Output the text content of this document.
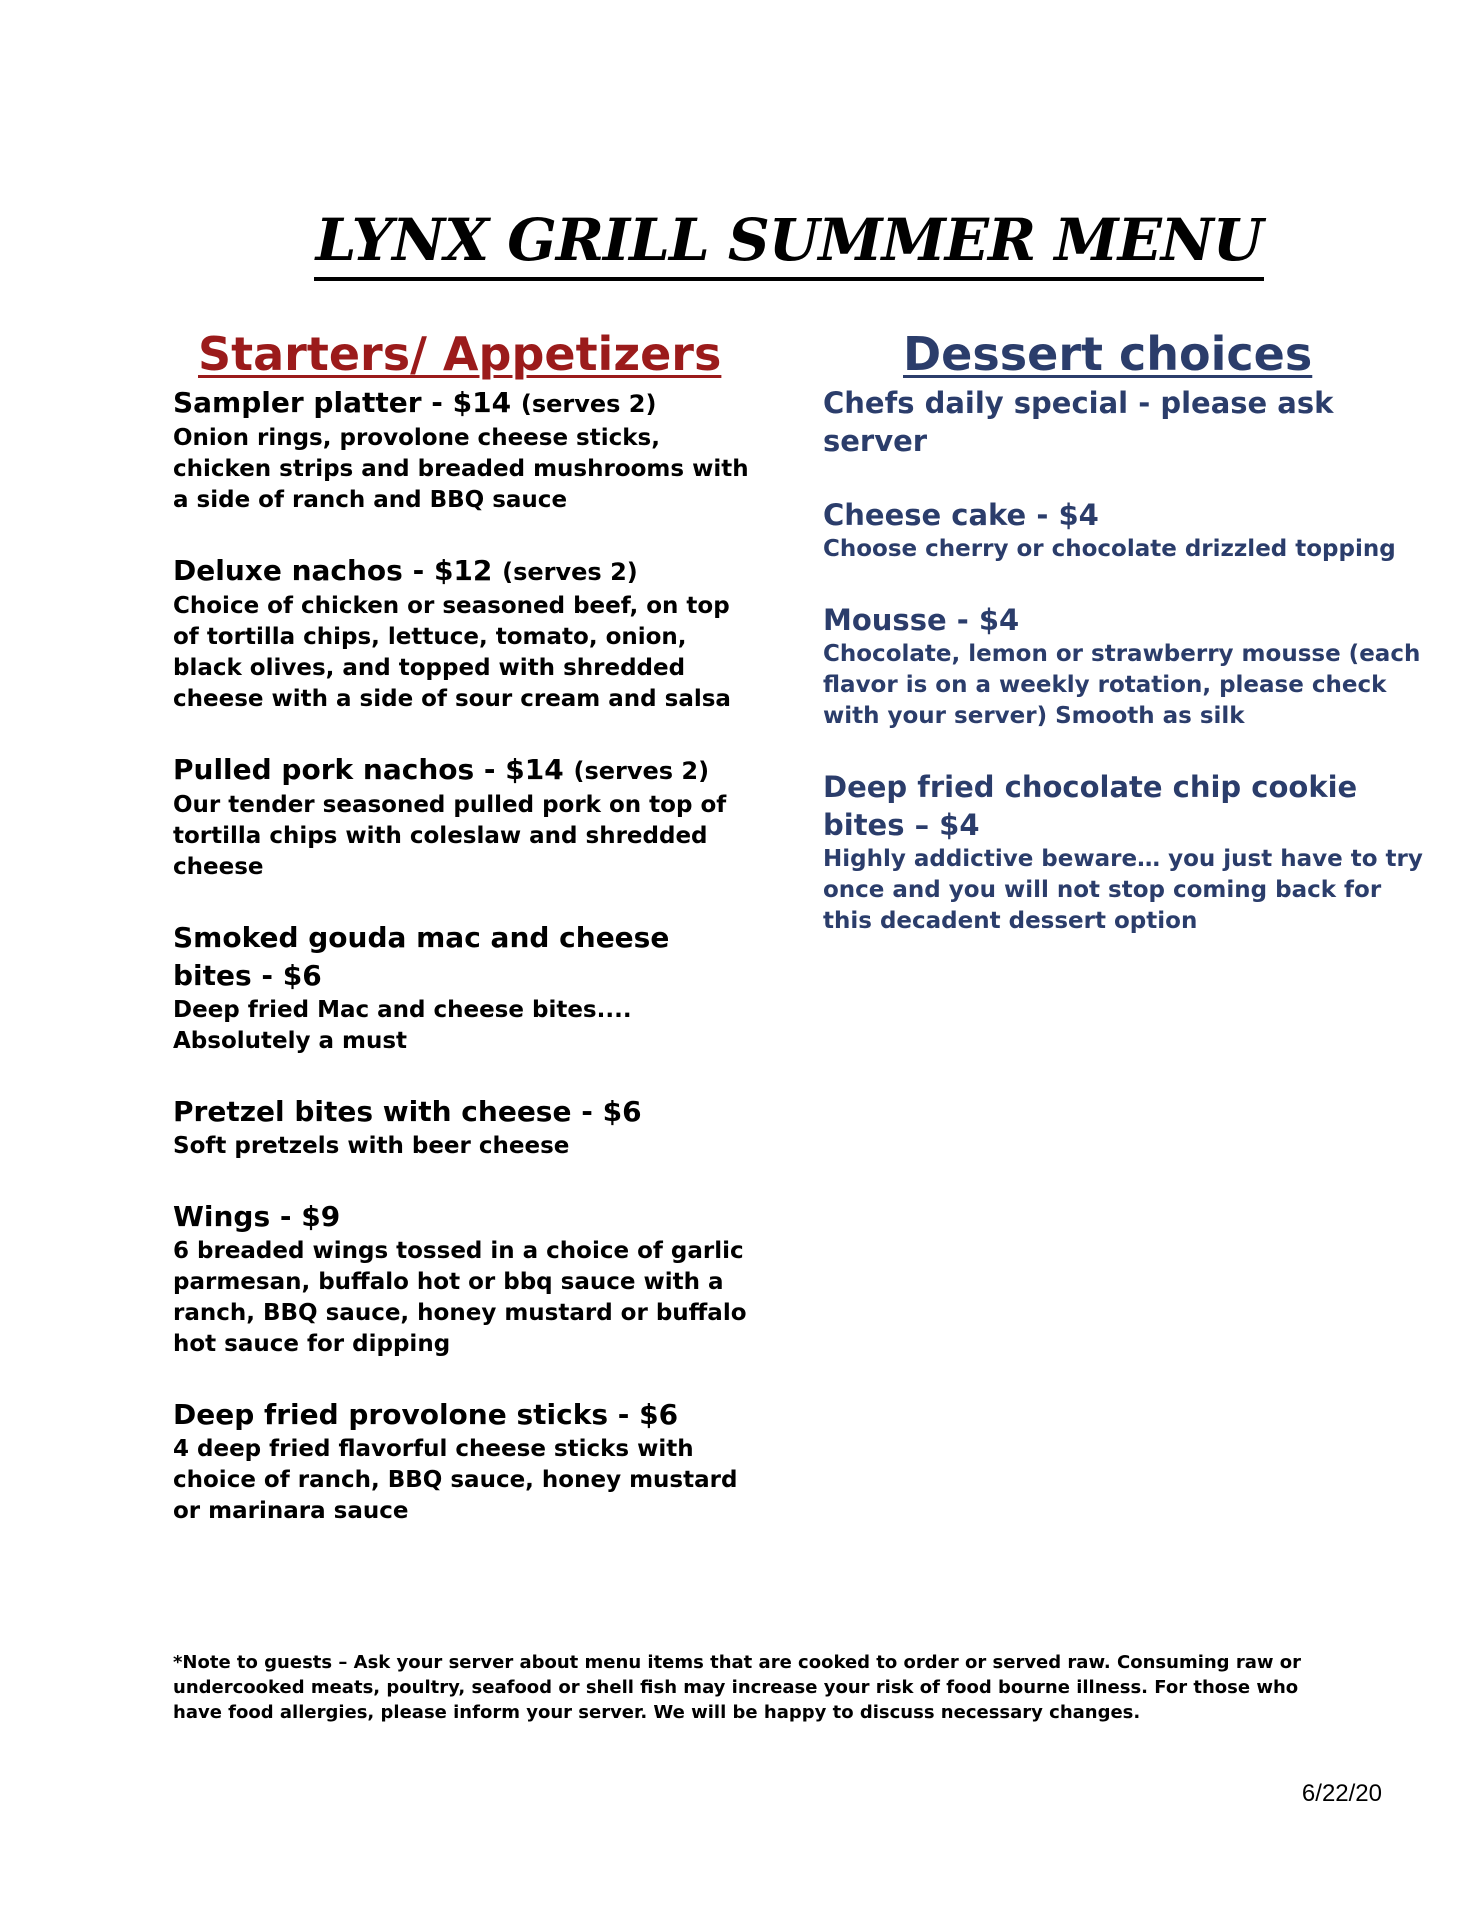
LYNX GRILL SUMMER MENU
Starters/ Appetizers
Sampler platter - $14 (serves 2)
Onion rings, provolone cheese sticks, chicken strips and breaded mushrooms with a side of ranch and BBQ sauce
Deluxe nachos - $12 (serves 2)
Choice of chicken or seasoned beef, on top of tortilla chips, lettuce, tomato, onion, black olives, and topped with shredded cheese with a side of sour cream and salsa
Pulled pork nachos - $14 (serves 2)
Our tender seasoned pulled pork on top of tortilla chips with coleslaw and shredded cheese
Smoked gouda mac and cheese bites - $6
Deep fried Mac and cheese bites.... Absolutely a must
Pretzel bites with cheese - $6
Soft pretzels with beer cheese
Wings - $9
6 breaded wings tossed in a choice of garlic parmesan, buffalo hot or bbq sauce with a ranch, BBQ sauce, honey mustard or buffalo hot sauce for dipping
Deep fried provolone sticks - $6
4 deep fried flavorful cheese sticks with choice of ranch, BBQ sauce, honey mustard or marinara sauce
Dessert choices
Chefs daily special - please ask server
Cheese cake - $4
Choose cherry or chocolate drizzled topping
Mousse - $4
Chocolate, lemon or strawberry mousse (each flavor is on a weekly rotation, please check with your server) Smooth as silk
Deep fried chocolate chip cookie bites – $4
Highly addictive beware… you just have to try once and you will not stop coming back for this decadent dessert option
*Note to guests – Ask your server about menu items that are cooked to order or served raw. Consuming raw or undercooked meats, poultry, seafood or shell fish may increase your risk of food bourne illness. For those who have food allergies, please inform your server. We will be happy to discuss necessary changes.
6/22/20
